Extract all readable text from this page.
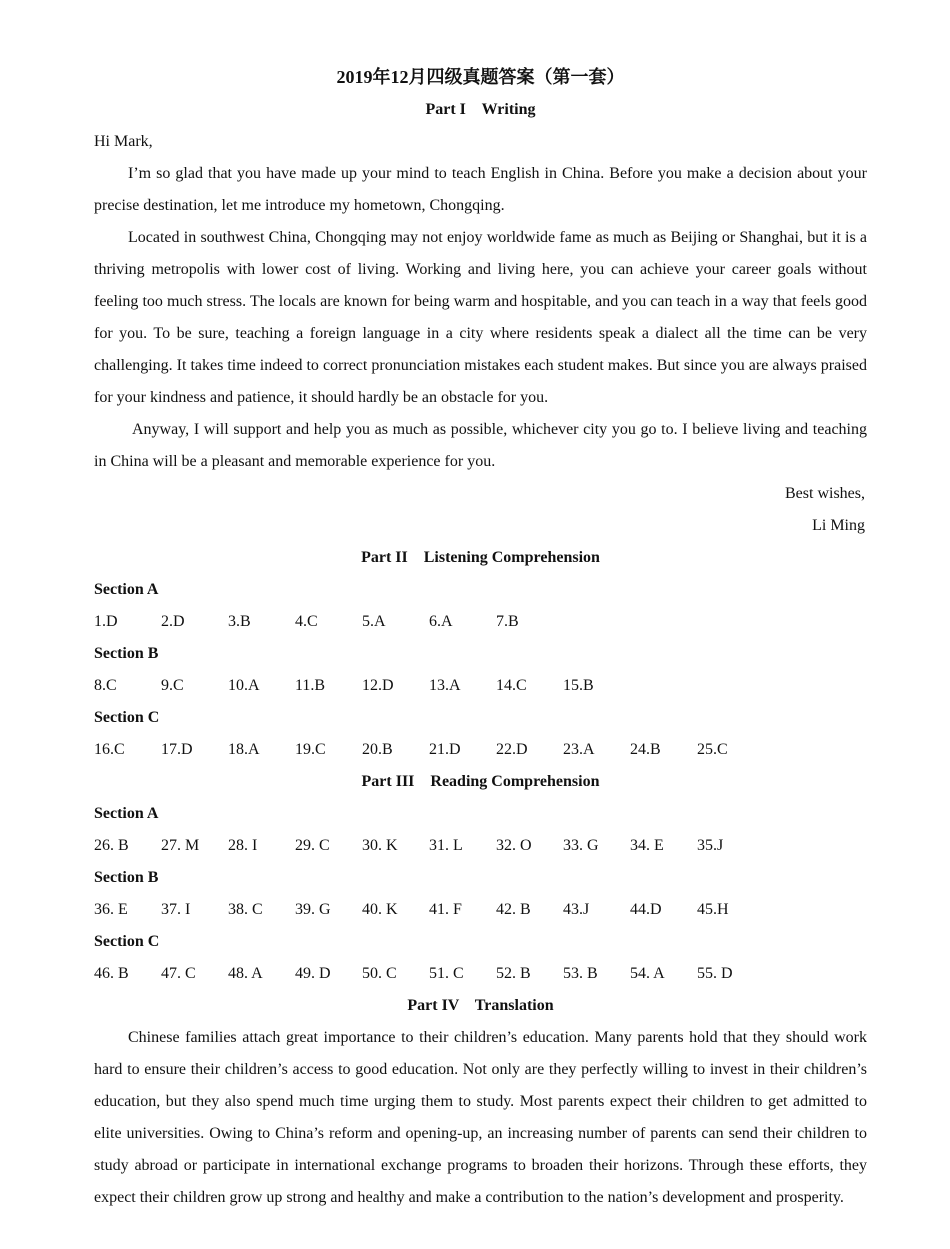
2019年12月四级真题答案（第一套）
Part I    Writing
Hi Mark,

I’m so glad that you have made up your mind to teach English in China. Before you make a decision about your precise destination, let me introduce my hometown, Chongqing.

Located in southwest China, Chongqing may not enjoy worldwide fame as much as Beijing or Shanghai, but it is a thriving metropolis with lower cost of living. Working and living here, you can achieve your career goals without feeling too much stress. The locals are known for being warm and hospitable, and you can teach in a way that feels good for you. To be sure, teaching a foreign language in a city where residents speak a dialect all the time can be very challenging. It takes time indeed to correct pronunciation mistakes each student makes. But since you are always praised for your kindness and patience, it should hardly be an obstacle for you.

Anyway, I will support and help you as much as possible, whichever city you go to. I believe living and teaching in China will be a pleasant and memorable experience for you.

Best wishes,
Li Ming
Part II    Listening Comprehension
Section A
1.D	2.D	3.B	4.C	5.A	6.A	7.B
Section B
8.C	9.C	10.A 11.B 12.D 13.A 14.C 15.B
Section C
16.C 17.D 18.A 19.C 20.B 21.D 22.D 23.A 24.B 25.C
Part III    Reading Comprehension
Section A
26. B 27. M 28. I 29. C 30. K 31. L 32. O 33. G 34. E 35.J
Section B
36. E 37. I 38. C 39. G 40. K 41. F 42. B 43.J	44.D 45.H
Section C
46. B 47. C 48. A 49. D 50. C 51. C 52. B 53. B 54. A 55. D
Part IV    Translation

Chinese families attach great importance to their children’s education. Many parents hold that they should work hard to ensure their children’s access to good education. Not only are they perfectly willing to invest in their children’s education, but they also spend much time urging them to study. Most parents expect their children to get admitted to elite universities. Owing to China’s reform and opening-up, an increasing number of parents can send their children to study abroad or participate in international exchange programs to broaden their horizons. Through these efforts, they expect their children grow up strong and healthy and make a contribution to the nation’s development and prosperity.
